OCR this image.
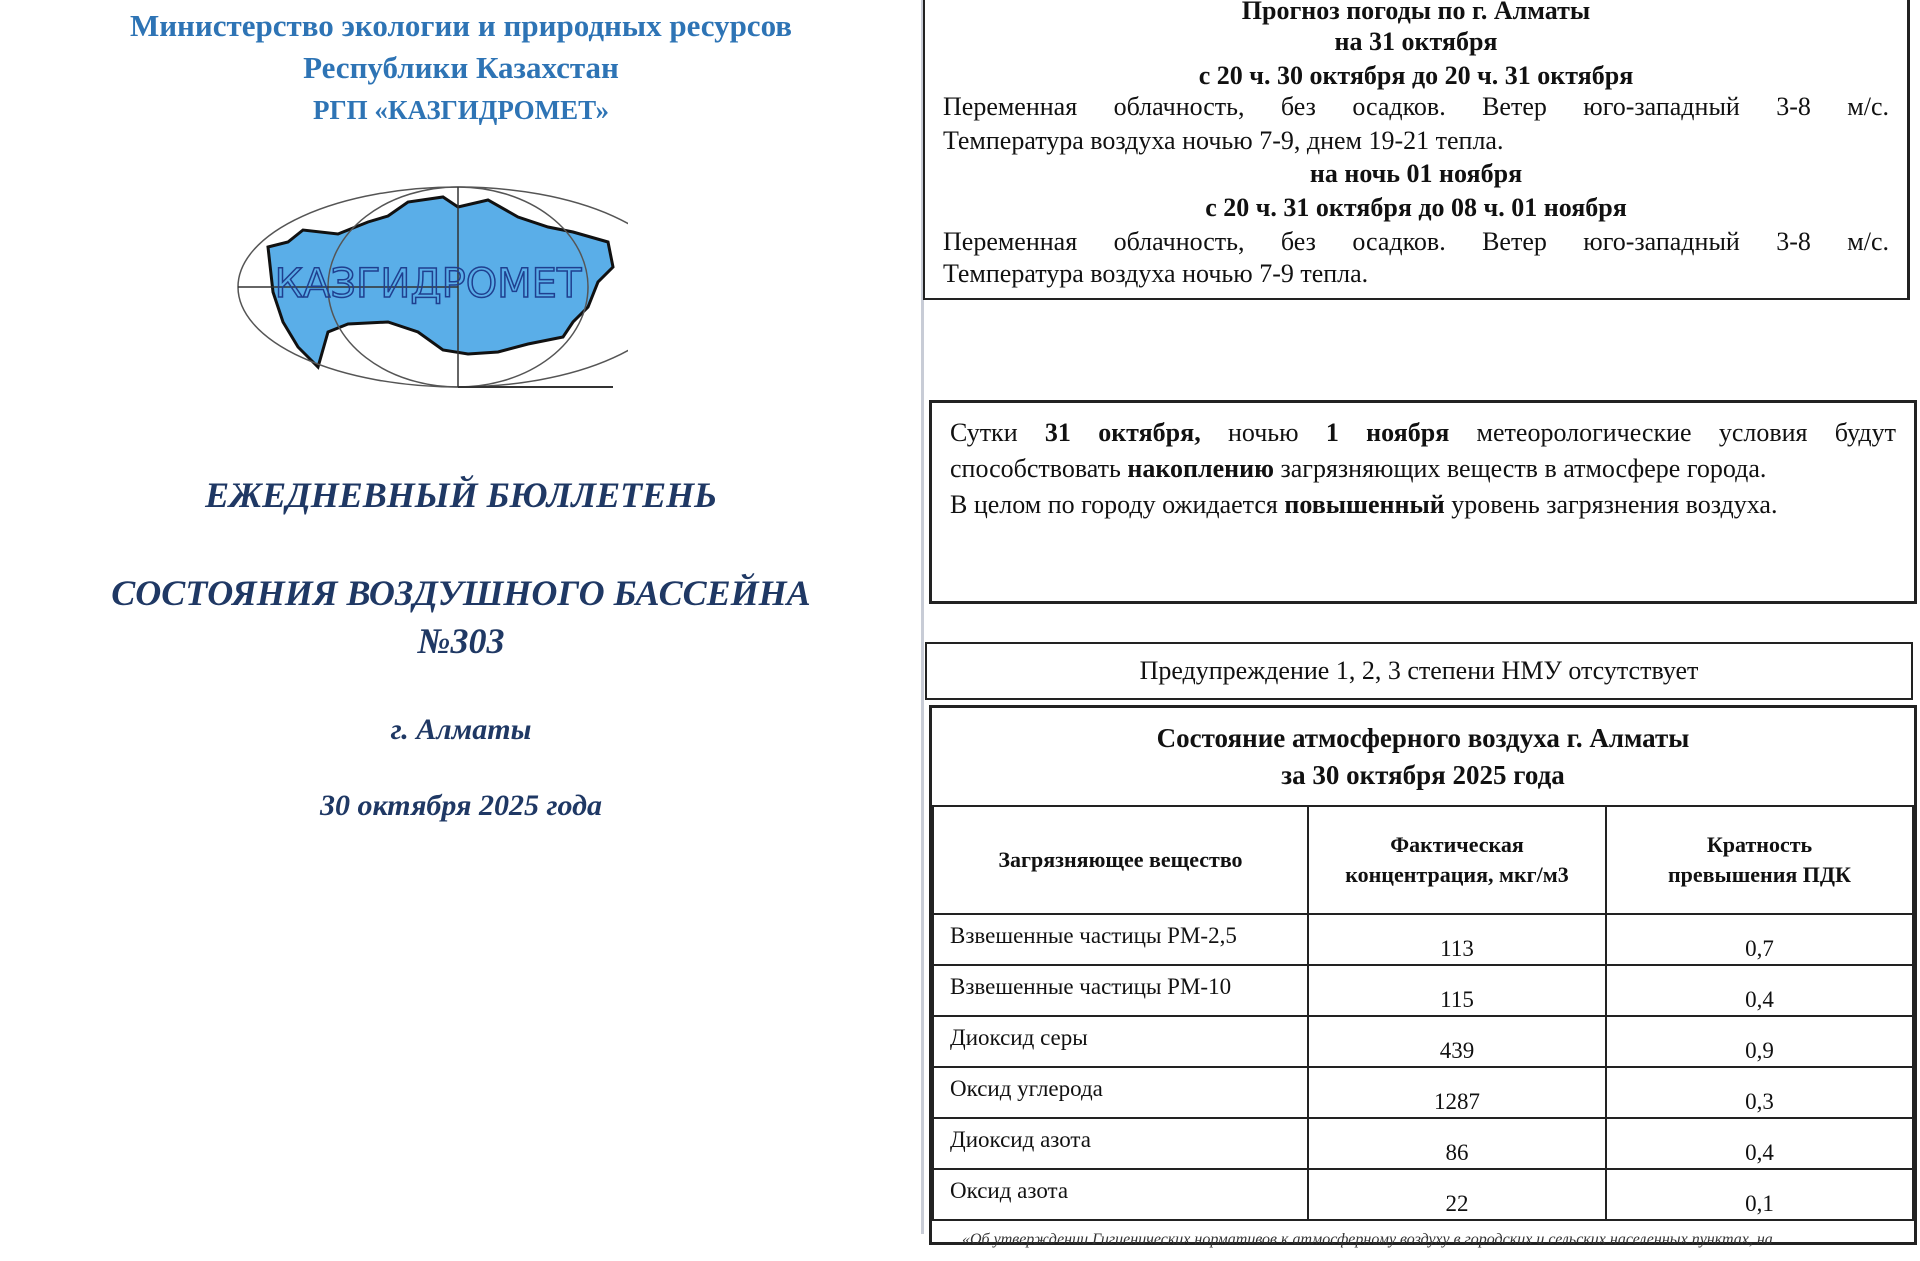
Министерство экологии и природных ресурсов
Республики Казахстан
РГП «КАЗГИДРОМЕТ»
КАЗГИДРОМЕТ
ЕЖЕДНЕВНЫЙ БЮЛЛЕТЕНЬ
СОСТОЯНИЯ ВОЗДУШНОГО БАССЕЙНА
№303
г. Алматы
30 октября 2025 года
Прогноз погоды по г. Алматы
на 31 октября
с 20 ч. 30 октября до 20 ч. 31 октября
Переменная облачность, без осадков. Ветер юго-западный 3-8 м/с.
Температура воздуха ночью 7-9, днем 19-21 тепла.
на ночь 01 ноября
с 20 ч. 31 октября до 08 ч. 01 ноября
Переменная облачность, без осадков. Ветер юго-западный 3-8 м/с.
Температура воздуха ночью 7-9 тепла.

Сутки 31 октября, ночью 1 ноября метеорологические условия будут способствовать накоплению загрязняющих веществ в атмосфере города.

В целом по городу ожидается повышенный уровень загрязнения воздуха.

Предупреждение 1, 2, 3 степени НМУ отсутствует
Состояние атмосферного воздуха г. Алматы
за 30 октября 2025 года
Загрязняющее вещество	Фактическая концентрация, мкг/м3	Кратность превышения ПДК
Взвешенные частицы РМ-2,5	113	0,7
Взвешенные частицы РМ-10	115	0,4
Диоксид серы	439	0,9
Оксид углерода	1287	0,3
Диоксид азота	86	0,4
Оксид азота	22	0,1
«Об утверждении Гигиенических нормативов к атмосферному воздуху в городских и сельских населенных пунктах, на
